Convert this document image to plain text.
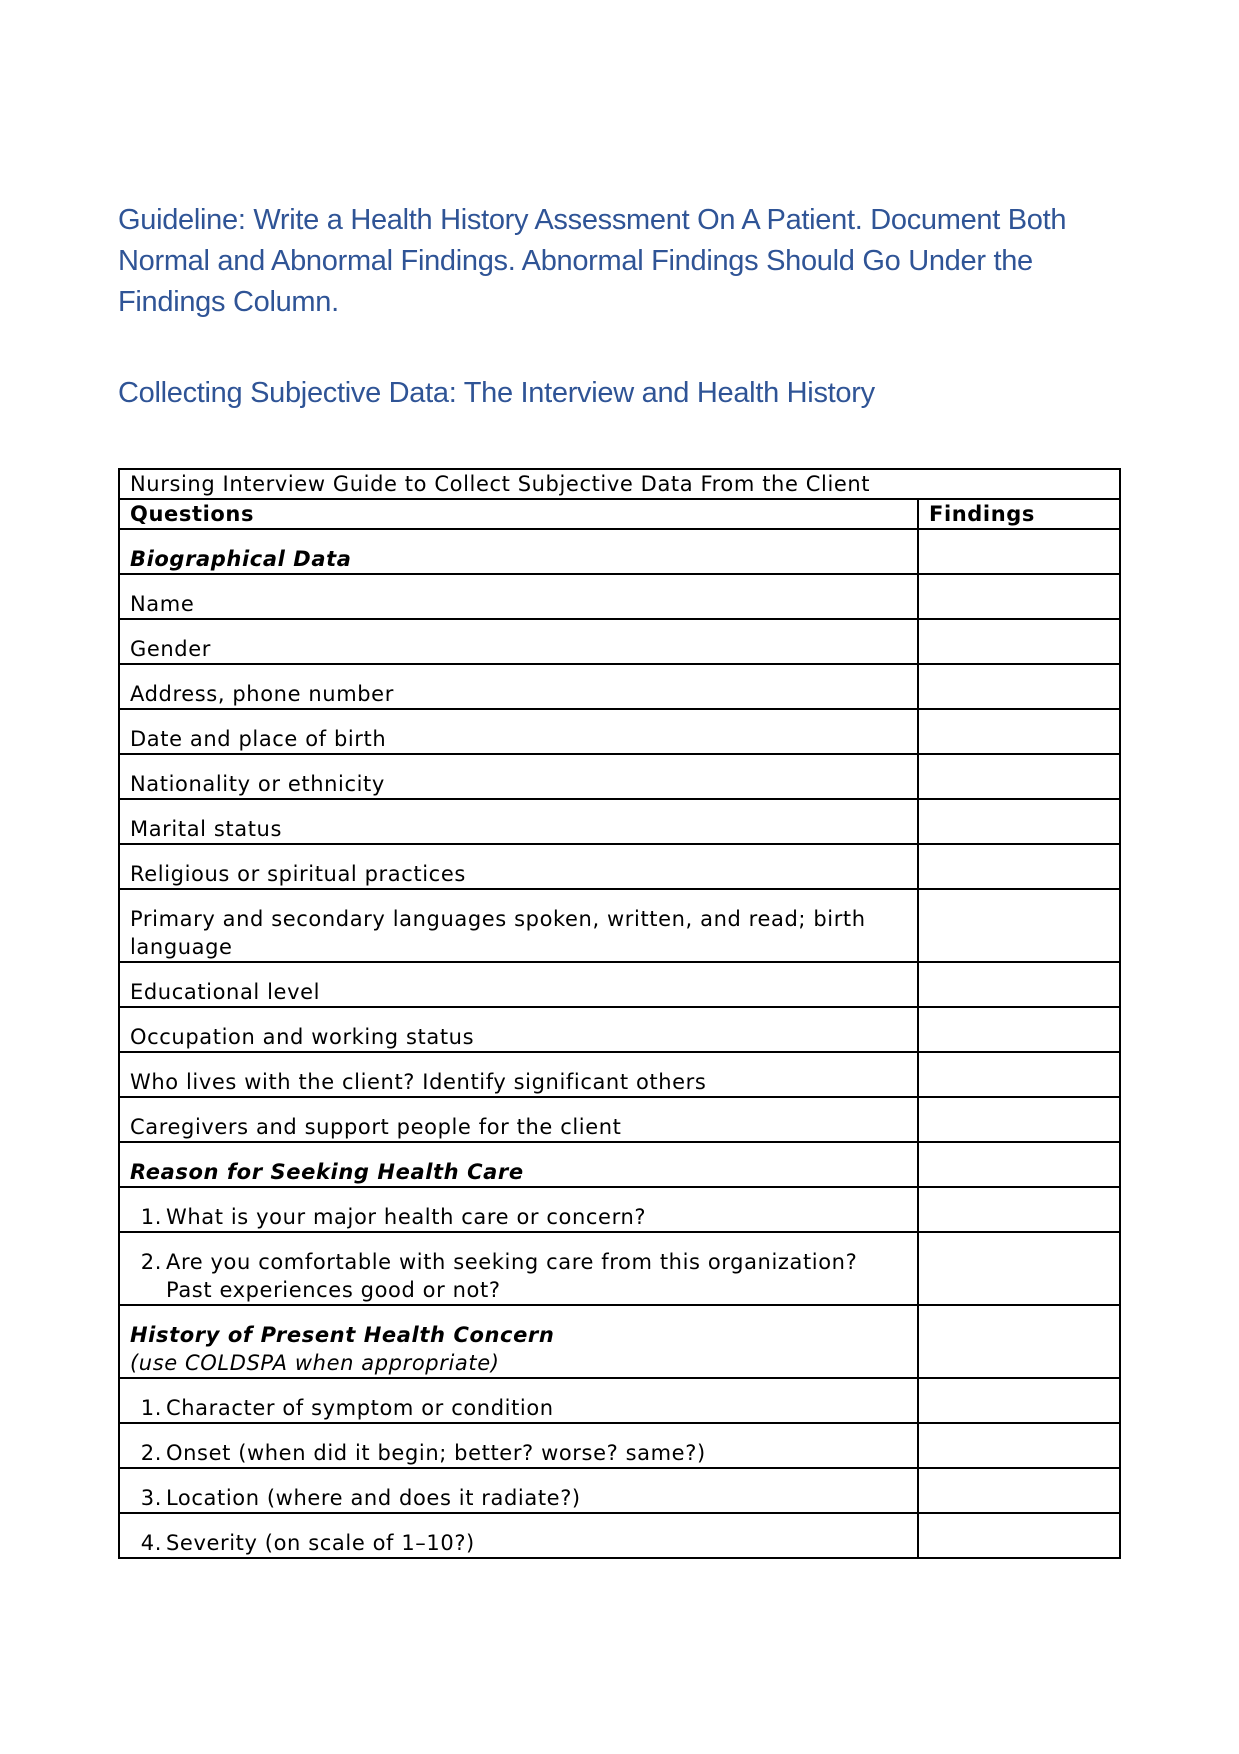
Guideline: Write a Health History Assessment On A Patient. Document Both Normal and Abnormal Findings. Abnormal Findings Should Go Under the Findings Column.
Collecting Subjective Data: The Interview and Health History
Nursing Interview Guide to Collect Subjective Data From the Client	
Questions	Findings
Biographical Data	
Name	
Gender	
Address, phone number	
Date and place of birth	
Nationality or ethnicity	
Marital status	
Religious or spiritual practices	
Primary and secondary languages spoken, written, and read; birth language	
Educational level	
Occupation and working status	
Who lives with the client? Identify significant others	
Caregivers and support people for the client	
Reason for Seeking Health Care	

1. What is your major health care or concern?	

2. Are you comfortable with seeking care from this organization? Past experiences good or not?	

History of Present Health Concern
(use COLDSPA when appropriate)	

1. Character of symptom or condition	

2. Onset (when did it begin; better? worse? same?)	

3. Location (where and does it radiate?)	

4. Severity (on scale of 1–10?)	
